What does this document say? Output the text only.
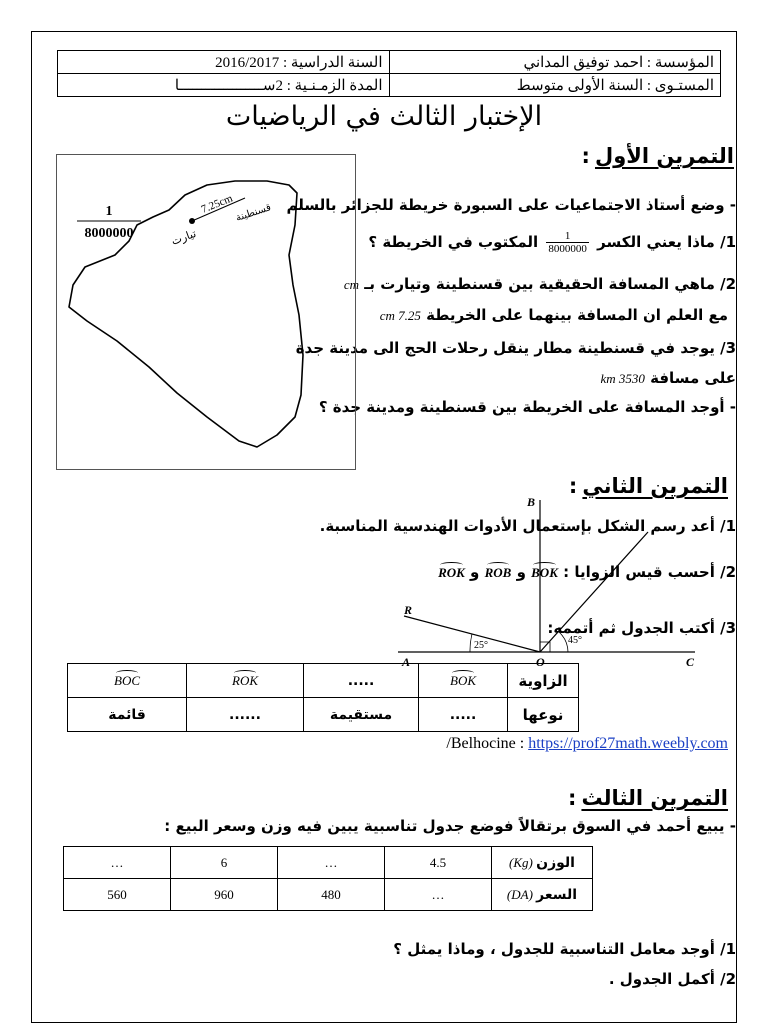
السنة الدراسية : 2016/2017	المؤسسة : احمد توفيق المداني
المدة الزمـنـية : 2ســـــــــــــــــــا	المستـوى : السنة الأولى متوسط
الإختبار الثالث في الرياضيات
التمرين الأول :
- وضع أستاذ الاجتماعيات على السبورة خريطة للجزائر بالسلم
1/ ماذا يعني الكسر
$\frac{1}{8000000}$
المكتوب في الخريطة ؟
2/ ماهي المسافة الحقيقية بين قسنطينة وتيارت بـ cm
مع العلم ان المسافة بينهما على الخريطة 7.25 cm
3/ يوجد في قسنطينة مطار ينقل رحلات الحج الى مدينة جدة
على مسافة 3530 km
- أوجد المسافة على الخريطة بين قسنطينة ومدينة جدة ؟
1
8000000
7.25cm
تيارت
قسنطينة
التمرين الثاني :
1/ أعد رسم الشكل بإستعمال الأدوات الهندسية المناسبة.
2/ أحسب قيس الزوايا : BOK و ROB و ROK
3/ أكتب الجدول ثم أتممه:
B
R
A	O	C
25°	45°
BOC	ROK	.....	BOK	الزاوية
قائمة	......	مستقيمة	.....	نوعها
/Belhocine : https://prof27math.weebly.com
التمرين الثالث :
- يبيع أحمد في السوق برتقالاً فوضع جدول تناسبية يبين فيه وزن وسعر البيع :
…	6	…	4.5	الوزن (Kg)
560	960	480	…	السعر (DA)
1/ أوجد معامل التناسبية للجدول ، وماذا يمثل ؟
2/ أكمل الجدول .
